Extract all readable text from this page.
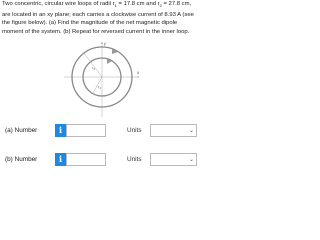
Two concentric, circular wire loops of radii $r_1 = 17.8$ cm and $r_2 = 27.8$ cm, are located in an xy plane; each carries a clockwise current of 8.93 A (see the figure below). (a) Find the magnitude of the net magnetic dipole moment of the system. (b) Repeat for reversed current in the inner loop.

y
x
$r_2$
$r_1$
(a) Number	i	Units	⌄
(b) Number	i	Units	⌄
